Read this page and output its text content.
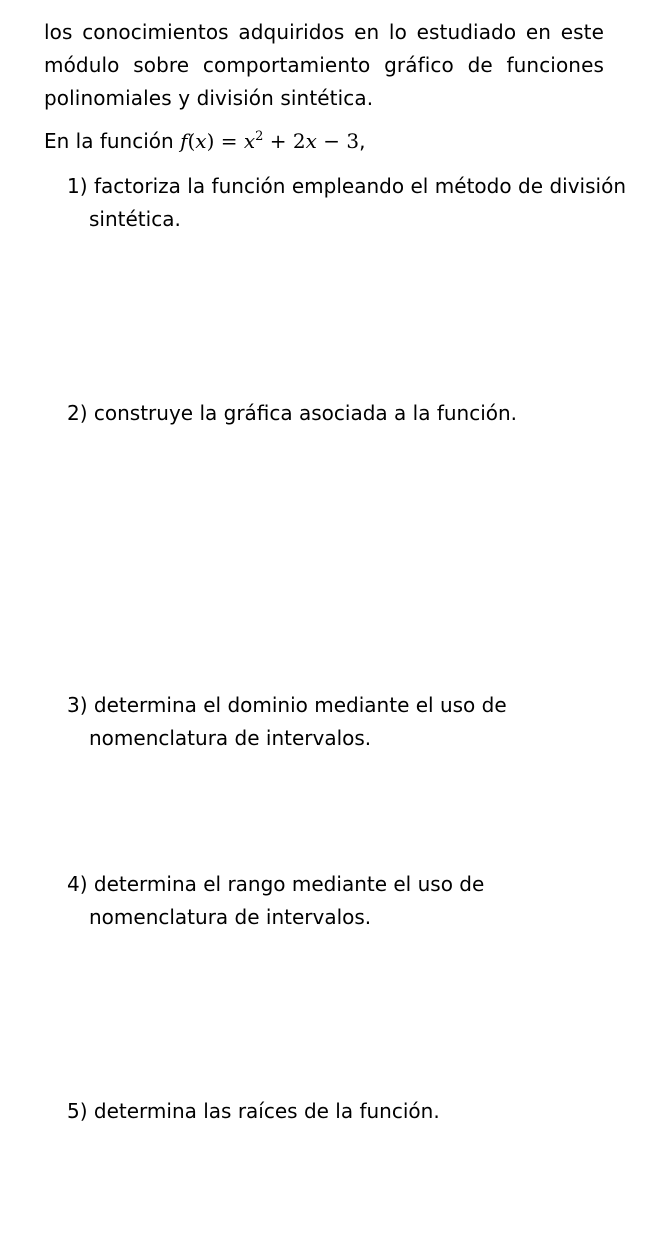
los conocimientos adquiridos en lo estudiado en este módulo sobre comportamiento gráfico de funciones polinomiales y división sintética.

En la función $f(x) = x^2 + 2x - 3$,
1) factoriza la función empleando el método de división sintética.
2) construye la gráfica asociada a la función.
3) determina el dominio mediante el uso de nomenclatura de intervalos.
4) determina el rango mediante el uso de nomenclatura de intervalos.
5) determina las raíces de la función.
